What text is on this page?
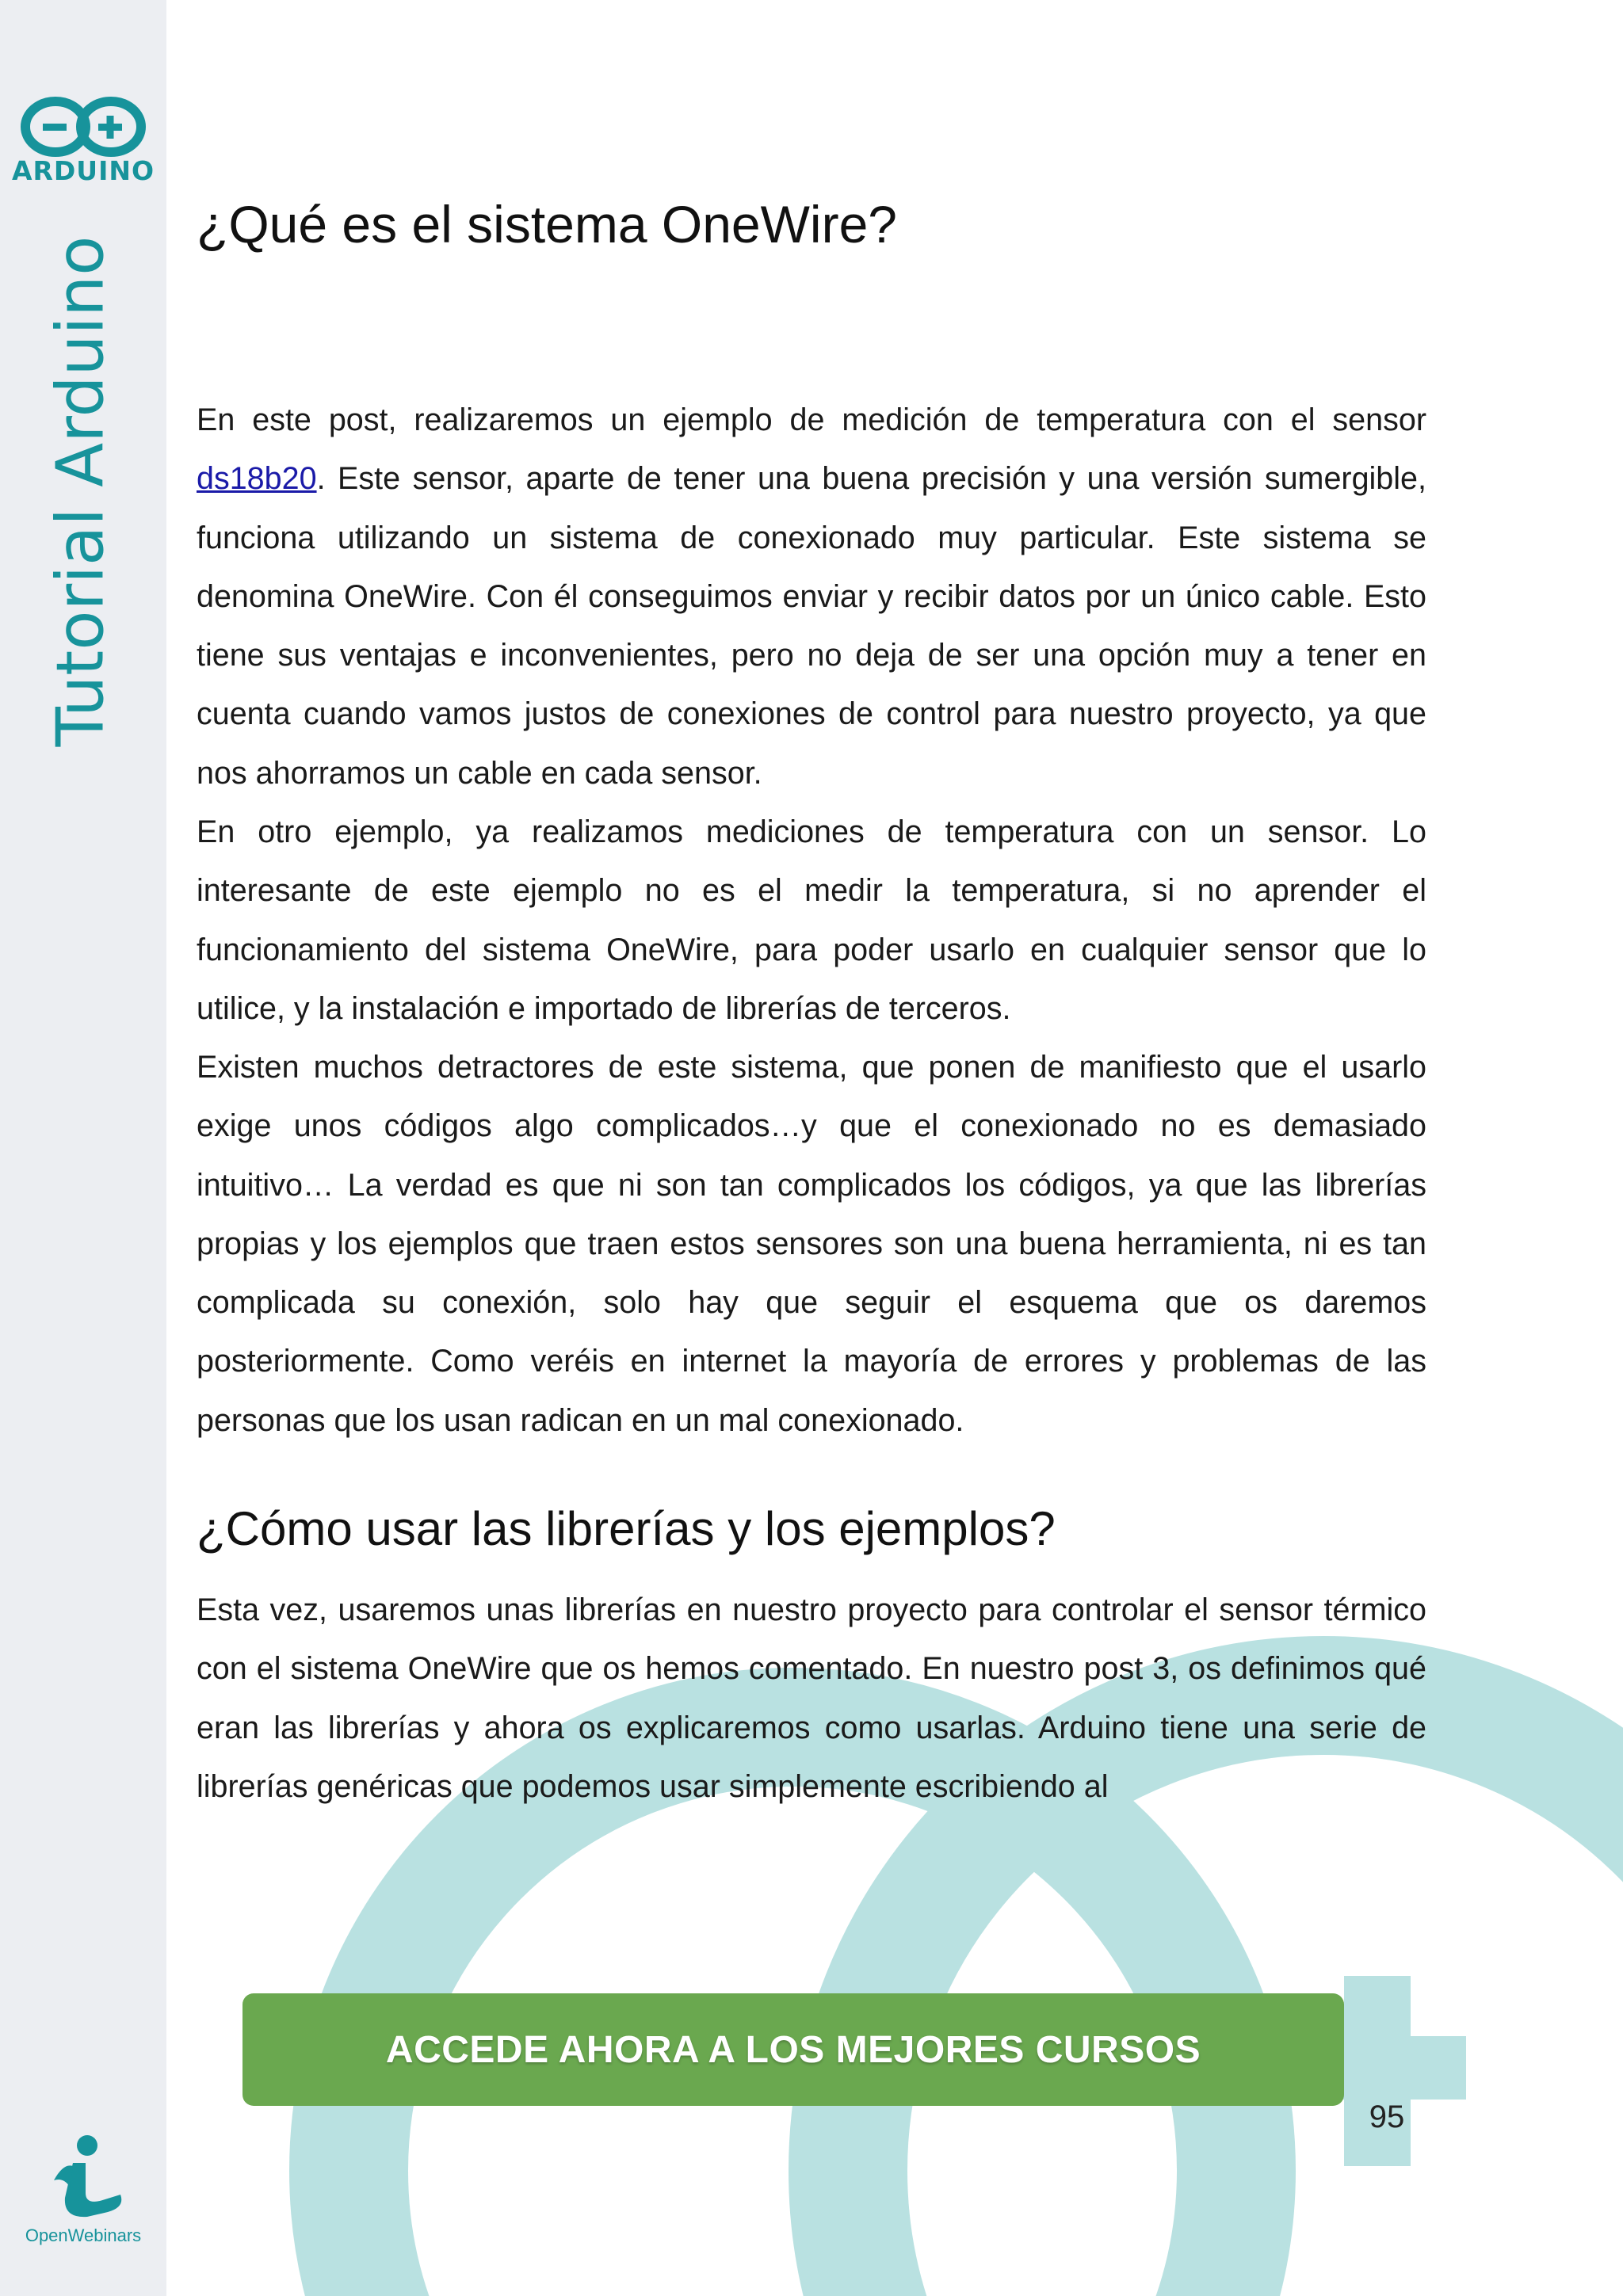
ARDUINO
Tutorial Arduino
OpenWebinars
¿Qué es el sistema OneWire?

En este post, realizaremos un ejemplo de medición de temperatura con el sensor ds18b20. Este sensor, aparte de tener una buena precisión y una versión sumergible, funciona utilizando un sistema de conexionado muy particular. Este sistema se denomina OneWire. Con él conseguimos enviar y recibir datos por un único cable. Esto tiene sus ventajas e inconvenientes, pero no deja de ser una opción muy a tener en cuenta cuando vamos justos de conexiones de control para nuestro proyecto, ya que nos ahorramos un cable en cada sensor.

En otro ejemplo, ya realizamos mediciones de temperatura con un sensor. Lo interesante de este ejemplo no es el medir la temperatura, si no aprender el funcionamiento del sistema OneWire, para poder usarlo en cualquier sensor que lo utilice, y la instalación e importado de librerías de terceros.

Existen muchos detractores de este sistema, que ponen de manifiesto que el usarlo exige unos códigos algo complicados…y que el conexionado no es demasiado intuitivo… La verdad es que ni son tan complicados los códigos, ya que las librerías propias y los ejemplos que traen estos sensores son una buena herramienta, ni es tan complicada su conexión, solo hay que seguir el esquema que os daremos posteriormente. Como veréis en internet la mayoría de errores y problemas de las personas que los usan radican en un mal conexionado.

¿Cómo usar las librerías y los ejemplos?

Esta vez, usaremos unas librerías en nuestro proyecto para controlar el sensor térmico con el sistema OneWire que os hemos comentado. En nuestro post 3, os definimos qué eran las librerías y ahora os explicaremos como usarlas. Arduino tiene una serie de librerías genéricas que podemos usar simplemente escribiendo al

ACCEDE AHORA A LOS MEJORES CURSOS
95
